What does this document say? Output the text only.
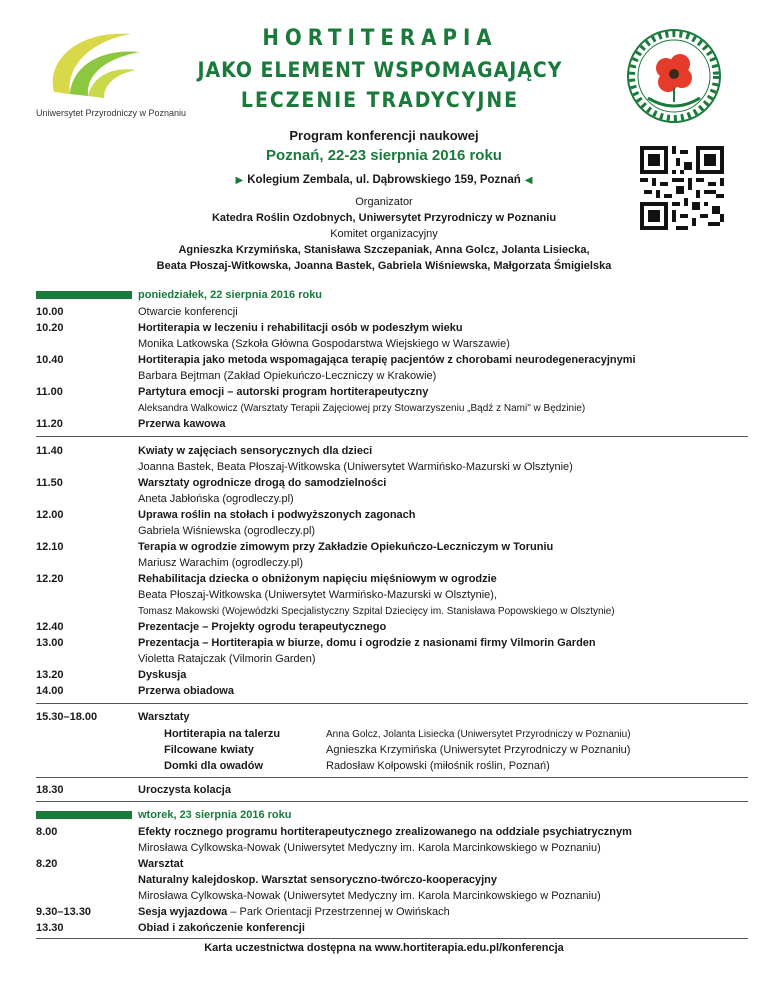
Uniwersytet Przyrodniczy w Poznaniu
HORTITERAPIA
JAKO ELEMENT WSPOMAGAJĄCY
LECZENIE TRADYCYJNE
Program konferencji naukowej
Poznań, 22-23 sierpnia 2016 roku
▶ Kolegium Zembala, ul. Dąbrowskiego 159, Poznań ◀
Organizator
Katedra Roślin Ozdobnych, Uniwersytet Przyrodniczy w Poznaniu
Komitet organizacyjny
Agnieszka Krzymińska, Stanisława Szczepaniak, Anna Golcz, Jolanta Lisiecka,
Beata Płoszaj-Witkowska, Joanna Bastek, Gabriela Wiśniewska, Małgorzata Śmigielska
poniedziałek, 22 sierpnia 2016 roku
10.00
10.20
10.40
11.00
11.20
Otwarcie konferencji
Hortiterapia w leczeniu i rehabilitacji osób w podeszłym wieku
Monika Latkowska (Szkoła Główna Gospodarstwa Wiejskiego w Warszawie)
Hortiterapia jako metoda wspomagająca terapię pacjentów z chorobami neurodegeneracyjnymi
Barbara Bejtman (Zakład Opiekuńczo-Leczniczy w Krakowie)
Partytura emocji – autorski program hortiterapeutyczny
Aleksandra Walkowicz (Warsztaty Terapii Zajęciowej przy Stowarzyszeniu „Bądź z Nami" w Będzinie)
Przerwa kawowa
11.40
11.50
12.00
12.10
12.20
12.40
13.00
13.20
14.00
Kwiaty w zajęciach sensorycznych dla dzieci
Joanna Bastek, Beata Płoszaj-Witkowska (Uniwersytet Warmińsko-Mazurski w Olsztynie)
Warsztaty ogrodnicze drogą do samodzielności
Aneta Jabłońska (ogrodleczy.pl)
Uprawa roślin na stołach i podwyższonych zagonach
Gabriela Wiśniewska (ogrodleczy.pl)
Terapia w ogrodzie zimowym przy Zakładzie Opiekuńczo-Leczniczym w Toruniu
Mariusz Warachim (ogrodleczy.pl)
Rehabilitacja dziecka o obniżonym napięciu mięśniowym w ogrodzie
Beata Płoszaj-Witkowska (Uniwersytet Warmińsko-Mazurski w Olsztynie),
Tomasz Makowski (Wojewódzki Specjalistyczny Szpital Dziecięcy im. Stanisława Popowskiego w Olsztynie)
Prezentacje – Projekty ogrodu terapeutycznego
Prezentacja – Hortiterapia w biurze, domu i ogrodzie z nasionami firmy Vilmorin Garden
Violetta Ratajczak (Vilmorin Garden)
Dyskusja
Przerwa obiadowa
15.30–18.00	Warsztaty
Hortiterapia na talerzu
Filcowane kwiaty
Domki dla owadów
Anna Golcz, Jolanta Lisiecka (Uniwersytet Przyrodniczy w Poznaniu)
Agnieszka Krzymińska (Uniwersytet Przyrodniczy w Poznaniu)
Radosław Kołpowski (miłośnik roślin, Poznań)
18.30	Uroczysta kolacja
wtorek, 23 sierpnia 2016 roku
8.00
8.20
9.30–13.30
13.30
Efekty rocznego programu hortiterapeutycznego zrealizowanego na oddziale psychiatrycznym
Mirosława Cylkowska-Nowak (Uniwersytet Medyczny im. Karola Marcinkowskiego w Poznaniu)
Warsztat
Naturalny kalejdoskop. Warsztat sensoryczno-twórczo-kooperacyjny
Mirosława Cylkowska-Nowak (Uniwersytet Medyczny im. Karola Marcinkowskiego w Poznaniu)
Sesja wyjazdowa – Park Orientacji Przestrzennej w Owińskach
Obiad i zakończenie konferencji
Karta uczestnictwa dostępna na www.hortiterapia.edu.pl/konferencja
